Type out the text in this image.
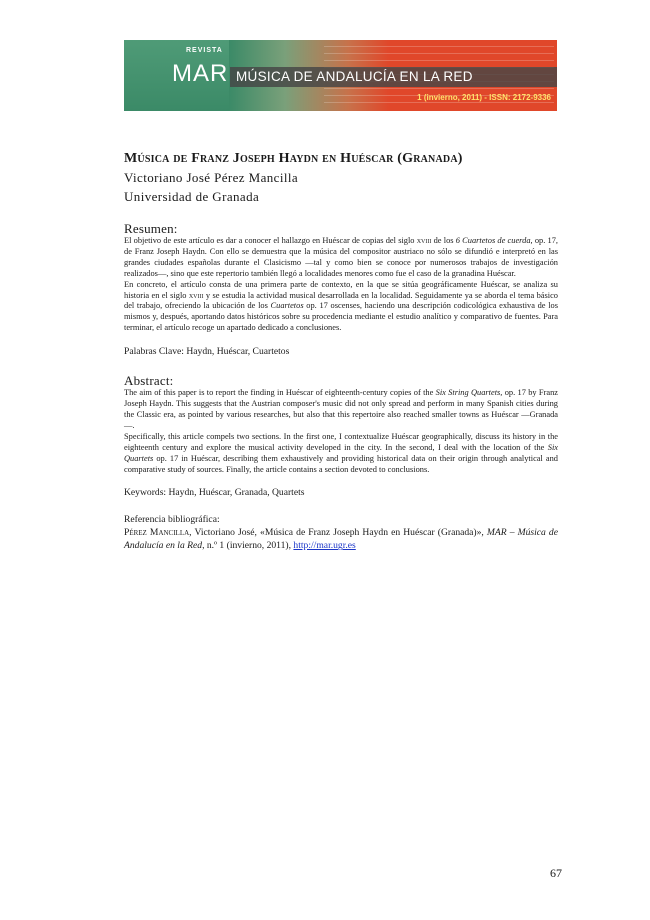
REVISTA
MAR MÚSICA DE ANDALUCÍA EN LA RED
1 (invierno, 2011) - ISSN: 2172-9336
Música de Franz Joseph Haydn en Huéscar (Granada)
Victoriano José Pérez Mancilla
Universidad de Granada
Resumen:

El objetivo de este artículo es dar a conocer el hallazgo en Huéscar de copias del siglo xviii de los 6 Cuartetos de cuerda, op. 17, de Franz Joseph Haydn. Con ello se demuestra que la música del compositor austriaco no sólo se difundió e interpretó en las grandes ciudades españolas durante el Clasicismo —tal y como bien se conoce por numerosos trabajos de investigación realizados—, sino que este repertorio también llegó a localidades menores como fue el caso de la granadina Huéscar.

En concreto, el artículo consta de una primera parte de contexto, en la que se sitúa geográficamente Huéscar, se analiza su historia en el siglo xviii y se estudia la actividad musical desarrollada en la localidad. Seguidamente ya se aborda el tema básico del trabajo, ofreciendo la ubicación de los Cuartetos op. 17 oscenses, haciendo una descripción codicológica exhaustiva de los mismos y, después, aportando datos históricos sobre su procedencia mediante el estudio analítico y comparativo de fuentes. Para terminar, el artículo recoge un apartado dedicado a conclusiones.

Palabras Clave: Haydn, Huéscar, Cuartetos
Abstract:

The aim of this paper is to report the finding in Huéscar of eighteenth-century copies of the Six String Quartets, op. 17 by Franz Joseph Haydn. This suggests that the Austrian composer's music did not only spread and perform in many Spanish cities during the Classic era, as pointed by various researches, but also that this repertoire also reached smaller towns as Huéscar —Granada—.

Specifically, this article compels two sections. In the first one, I contextualize Huéscar geographically, discuss its history in the eighteenth century and explore the musical activity developed in the city. In the second, I deal with the location of the Six Quartets op. 17 in Huéscar, describing them exhaustively and providing historical data on their origin through analytical and comparative study of sources. Finally, the article contains a section devoted to conclusions.

Keywords: Haydn, Huéscar, Granada, Quartets
Referencia bibliográfica:
Pérez Mancilla, Victoriano José, «Música de Franz Joseph Haydn en Huéscar (Granada)», MAR – Música de Andalucía en la Red, n.º 1 (invierno, 2011), http://mar.ugr.es
67
